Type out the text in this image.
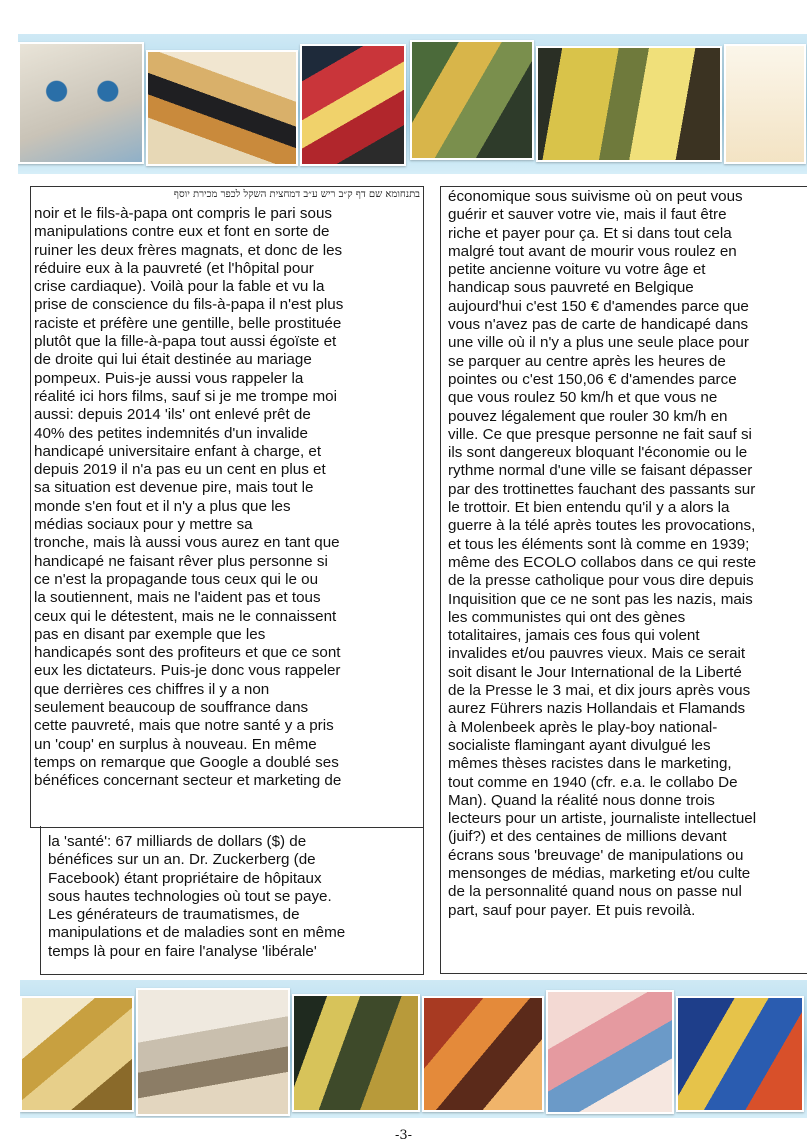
בתנחומא שם דף ק״ב ריש ע״ב דמחצית השקל לכפר מכירת יוסף

noir et le fils-à-papa ont compris le pari sous

manipulations contre eux et font en sorte de

ruiner les deux frères magnats, et donc de les

réduire eux à la pauvreté (et l'hôpital pour

crise cardiaque). Voilà pour la fable et vu la

prise de conscience du fils-à-papa il n'est plus

raciste et préfère une gentille, belle prostituée

plutôt que la fille-à-papa tout aussi égoïste et

de droite qui lui était destinée au mariage

pompeux. Puis-je aussi vous rappeler la

réalité ici hors films, sauf si je me trompe moi

aussi: depuis 2014 'ils' ont enlevé prêt de

40% des petites indemnités d'un invalide

handicapé universitaire enfant à charge, et

depuis 2019 il n'a pas eu un cent en plus et

sa situation est devenue pire, mais tout le

monde s'en fout et il n'y a plus que les

médias sociaux pour y mettre sa

tronche, mais là aussi vous aurez en tant que

handicapé ne faisant rêver plus personne si

ce n'est la propagande tous ceux qui le ou

la soutiennent, mais ne l'aident pas et tous

ceux qui le détestent, mais ne le connaissent

pas en disant par exemple que les

handicapés sont des profiteurs et que ce sont

eux les dictateurs. Puis-je donc vous rappeler

que derrières ces chiffres il y a non

seulement beaucoup de souffrance dans

cette pauvreté, mais que notre santé y a pris

un 'coup' en surplus à nouveau. En même

temps on remarque que Google a doublé ses

bénéfices concernant secteur et marketing de

la 'santé': 67 milliards de dollars ($) de

bénéfices sur un an. Dr. Zuckerberg (de

Facebook) étant propriétaire de hôpitaux

sous hautes technologies où tout se paye.

Les générateurs de traumatismes, de

manipulations et de maladies sont en même

temps là pour en faire l'analyse 'libérale'

économique sous suivisme où on peut vous

guérir et sauver votre vie, mais il faut être

riche et payer pour ça. Et si dans tout cela

malgré tout avant de mourir vous roulez en

petite ancienne voiture vu votre âge et

handicap sous pauvreté en Belgique

aujourd'hui c'est 150 € d'amendes parce que

vous n'avez pas de carte de handicapé dans

une ville où il n'y a plus une seule place pour

se parquer au centre après les heures de

pointes ou c'est 150,06 € d'amendes parce

que vous roulez 50 km/h et que vous ne

pouvez légalement que rouler 30 km/h en

ville. Ce que presque personne ne fait sauf si

ils sont dangereux bloquant l'économie ou le

rythme normal d'une ville se faisant dépasser

par des trottinettes fauchant des passants sur

le trottoir. Et bien entendu qu'il y a alors la

guerre à la télé après toutes les provocations,

et tous les éléments sont là comme en 1939;

même des ECOLO collabos dans ce qui reste

de la presse catholique pour vous dire depuis

Inquisition que ce ne sont pas les nazis, mais

les communistes qui ont des gènes

totalitaires, jamais ces fous qui volent

invalides et/ou pauvres vieux. Mais ce serait

soit disant le Jour International de la Liberté

de la Presse le 3 mai, et dix jours après vous

aurez Führers nazis Hollandais et Flamands

à Molenbeek après le play-boy national-

socialiste flamingant ayant divulgué les

mêmes thèses racistes dans le marketing,

tout comme en 1940 (cfr. e.a. le collabo De

Man). Quand la réalité nous donne trois

lecteurs pour un artiste, journaliste intellectuel

(juif?) et des centaines de millions devant

écrans sous 'breuvage' de manipulations ou

mensonges de médias, marketing et/ou culte

de la personnalité quand nous on passe nul

part, sauf pour payer. Et puis revoilà.

-3-
